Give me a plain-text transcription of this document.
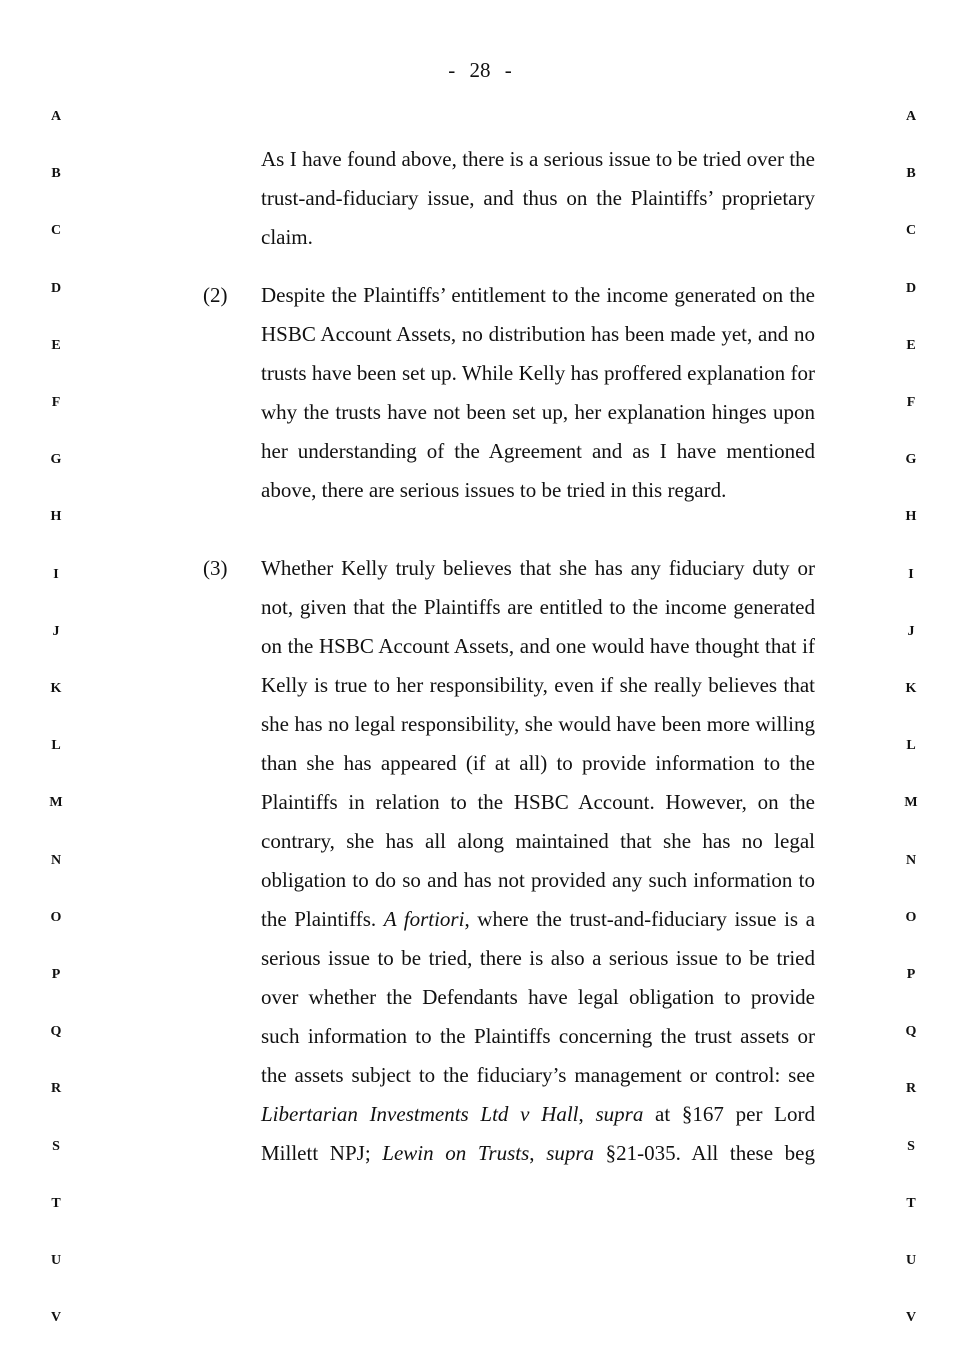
- 28 -
A
B
C
D
E
F
G
H
I
J
K
L
M
N
O
P
Q
R
S
T
U
V
A
B
C
D
E
F
G
H
I
J
K
L
M
N
O
P
Q
R
S
T
U
V
As I have found above, there is a serious issue to be tried over the trust-and-fiduciary issue, and thus on the Plaintiffs’ proprietary claim.
(2) Despite the Plaintiffs’ entitlement to the income generated on the HSBC Account Assets, no distribution has been made yet, and no trusts have been set up. While Kelly has proffered explanation for why the trusts have not been set up, her explanation hinges upon her understanding of the Agreement and as I have mentioned above, there are serious issues to be tried in this regard.
(3) Whether Kelly truly believes that she has any fiduciary duty or not, given that the Plaintiffs are entitled to the income generated on the HSBC Account Assets, and one would have thought that if Kelly is true to her responsibility, even if she really believes that she has no legal responsibility, she would have been more willing than she has appeared (if at all) to provide information to the Plaintiffs in relation to the HSBC Account. However, on the contrary, she has all along maintained that she has no legal obligation to do so and has not provided any such information to the Plaintiffs. A fortiori, where the trust-and-fiduciary issue is a serious issue to be tried, there is also a serious issue to be tried over whether the Defendants have legal obligation to provide such information to the Plaintiffs concerning the trust assets or the assets subject to the fiduciary’s management or control: see Libertarian Investments Ltd v Hall, supra at §167 per Lord Millett NPJ; Lewin on Trusts, supra §21-035. All these beg
